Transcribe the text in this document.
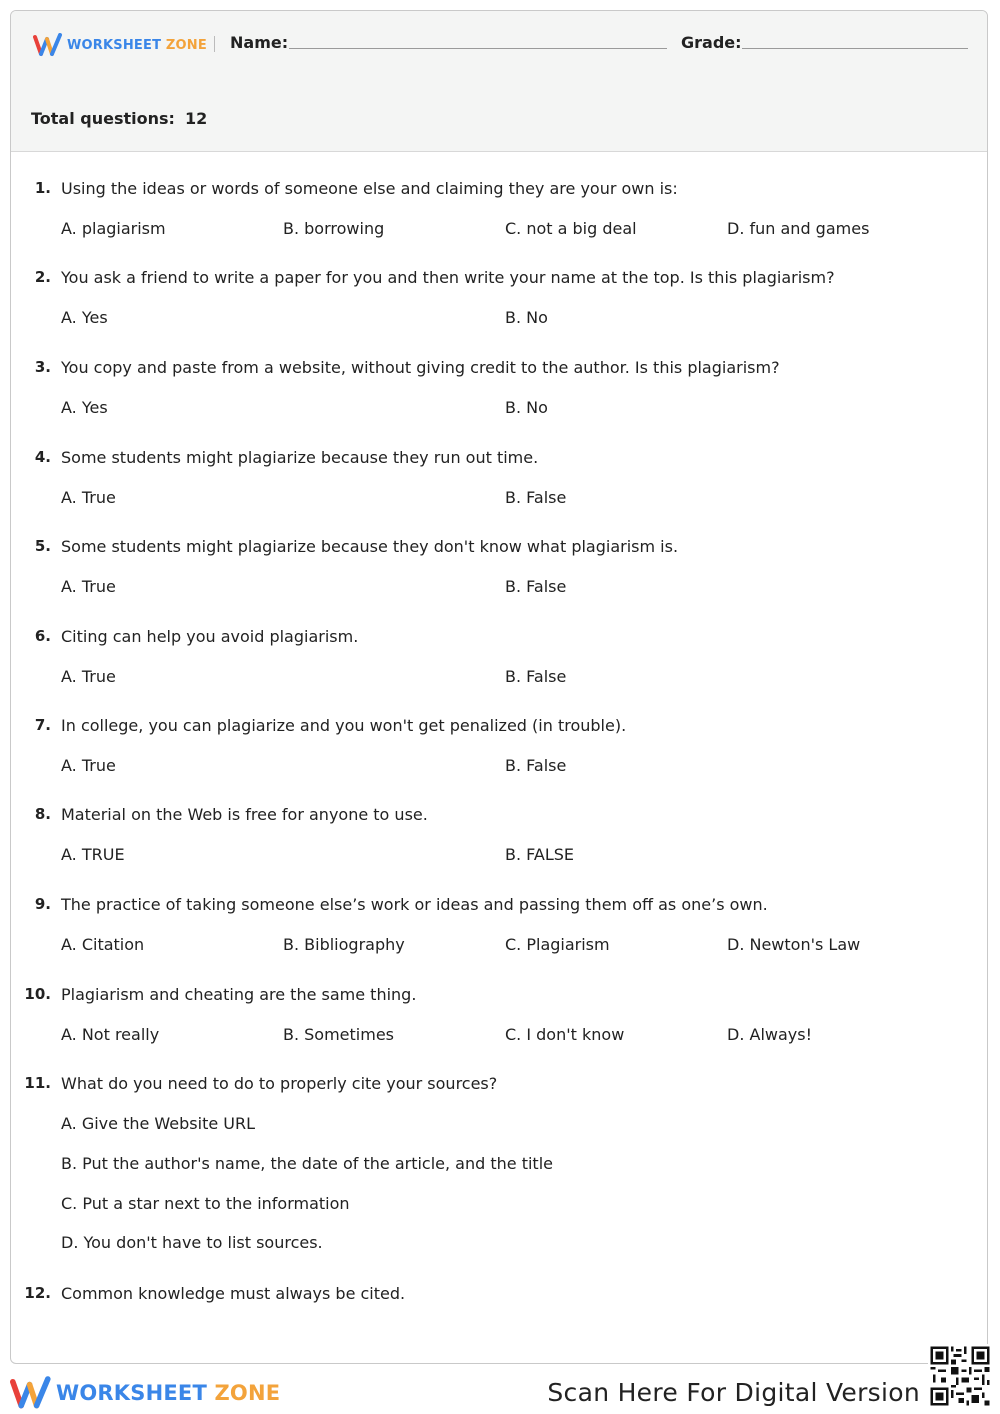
WORKSHEET ZONE Name:	Grade:
Total questions: 12
1. Using the ideas or words of someone else and claiming they are your own is:
A. plagiarism	B. borrowing	C. not a big deal	D. fun and games
2. You ask a friend to write a paper for you and then write your name at the top. Is this plagiarism?
A. Yes	B. No
3. You copy and paste from a website, without giving credit to the author. Is this plagiarism?
A. Yes	B. No
4. Some students might plagiarize because they run out time.
A. True	B. False
5. Some students might plagiarize because they don't know what plagiarism is.
A. True	B. False
6. Citing can help you avoid plagiarism.
A. True	B. False
7. In college, you can plagiarize and you won't get penalized (in trouble).
A. True	B. False
8. Material on the Web is free for anyone to use.
A. TRUE	B. FALSE
9. The practice of taking someone else’s work or ideas and passing them off as one’s own.
A. Citation	B. Bibliography	C. Plagiarism	D. Newton's Law
10. Plagiarism and cheating are the same thing.
A. Not really	B. Sometimes	C. I don't know	D. Always!
11. What do you need to do to properly cite your sources?
A. Give the Website URL
B. Put the author's name, the date of the article, and the title
C. Put a star next to the information
D. You don't have to list sources.
12. Common knowledge must always be cited.
WORKSHEET ZONE	Scan Here For Digital Version
